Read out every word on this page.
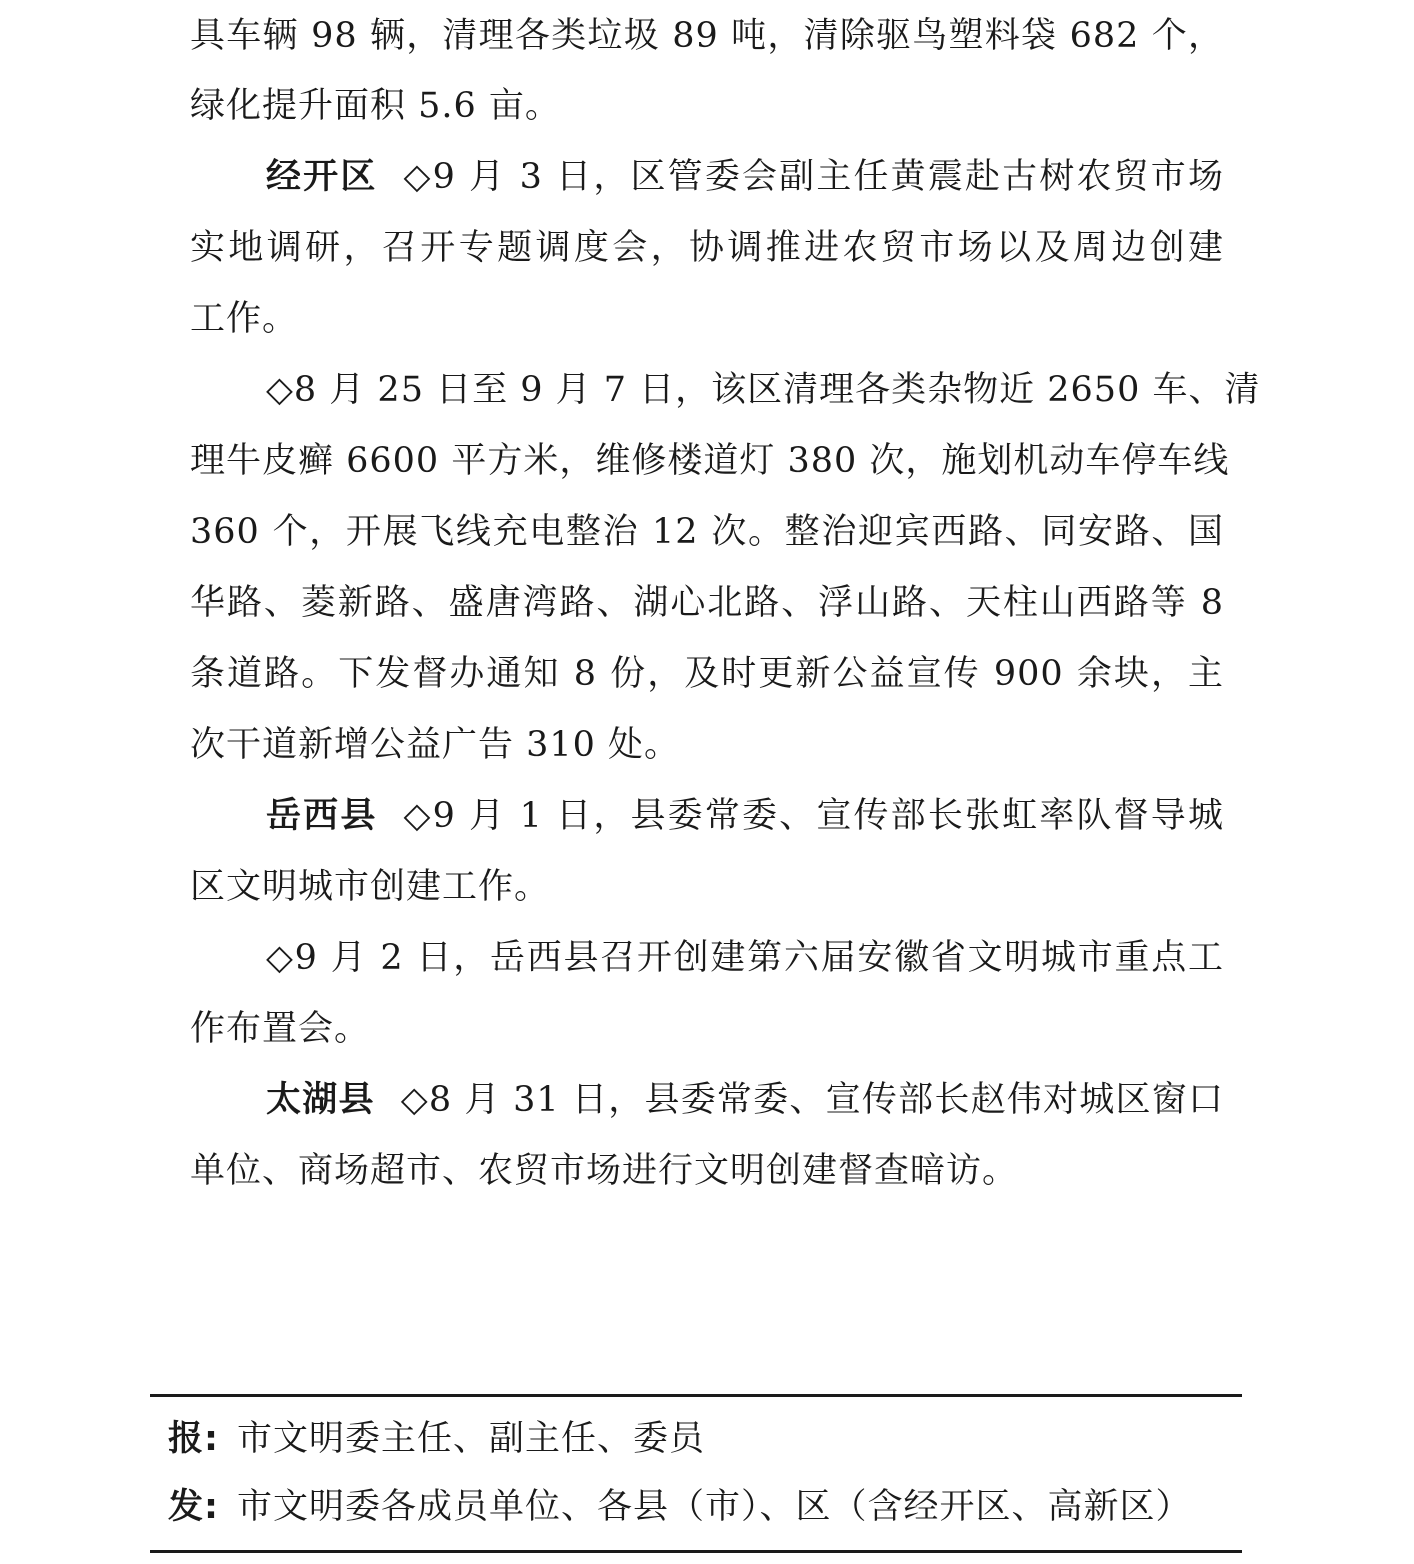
具车辆 98 辆，清理各类垃圾 89 吨，清除驱鸟塑料袋 682 个，
绿化提升面积 5.6 亩。
经开区 ◇9 月 3 日，区管委会副主任黄震赴古树农贸市场
实地调研，召开专题调度会，协调推进农贸市场以及周边创建
工作。
◇8 月 25 日至 9 月 7 日，该区清理各类杂物近 2650 车、清
理牛皮癣 6600 平方米，维修楼道灯 380 次，施划机动车停车线
360 个，开展飞线充电整治 12 次。整治迎宾西路、同安路、国
华路、菱新路、盛唐湾路、湖心北路、浮山路、天柱山西路等 8
条道路。下发督办通知 8 份，及时更新公益宣传 900 余块，主
次干道新增公益广告 310 处。
岳西县 ◇9 月 1 日，县委常委、宣传部长张虹率队督导城
区文明城市创建工作。
◇9 月 2 日，岳西县召开创建第六届安徽省文明城市重点工
作布置会。
太湖县 ◇8 月 31 日，县委常委、宣传部长赵伟对城区窗口
单位、商场超市、农贸市场进行文明创建督查暗访。
报: 市文明委主任、副主任、委员
发: 市文明委各成员单位、各县（市）、区（含经开区、高新区）
